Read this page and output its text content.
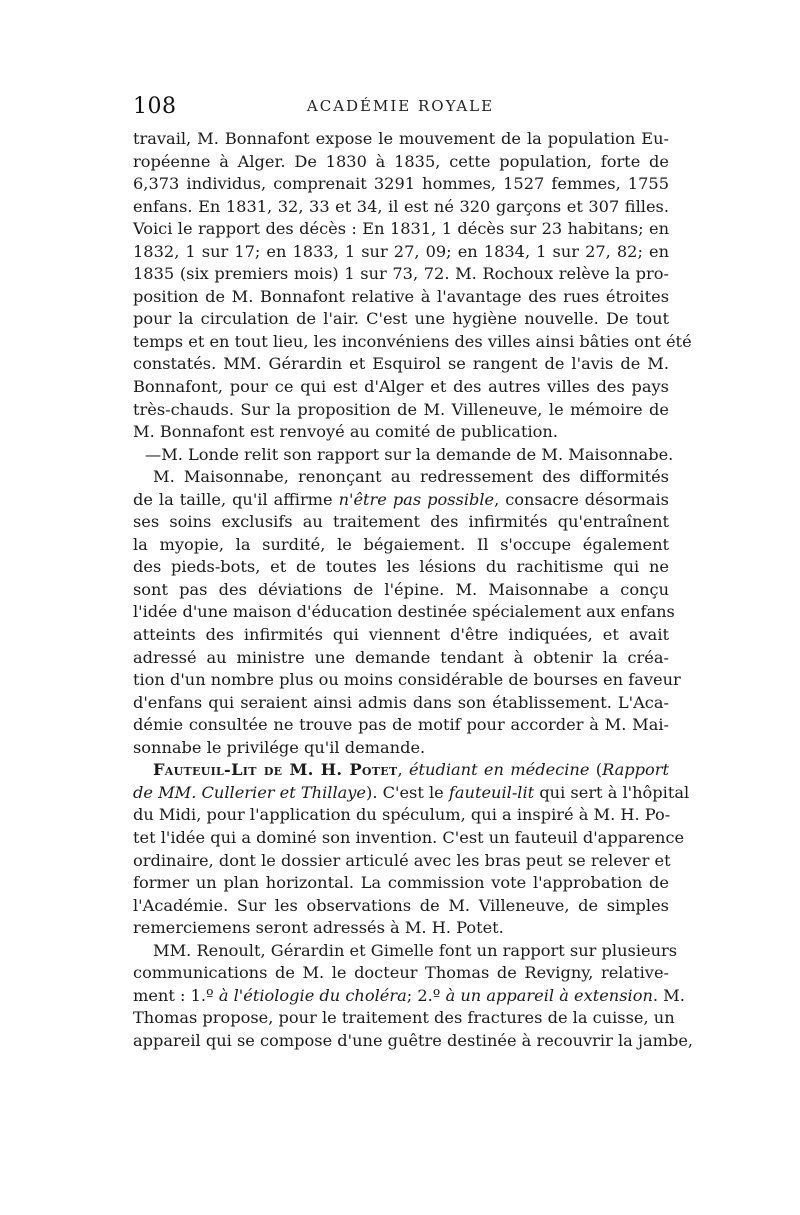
108	ACADÉMIE ROYALE
travail, M. Bonnafont expose le mouvement de la population Eu-
ropéenne à Alger. De 1830 à 1835, cette population, forte de
6,373 individus, comprenait 3291 hommes, 1527 femmes, 1755
enfans. En 1831, 32, 33 et 34, il est né 320 garçons et 307 filles.
Voici le rapport des décès : En 1831, 1 décès sur 23 habitans; en
1832, 1 sur 17; en 1833, 1 sur 27, 09; en 1834, 1 sur 27, 82; en
1835 (six premiers mois) 1 sur 73, 72. M. Rochoux relève la pro-
position de M. Bonnafont relative à l'avantage des rues étroites
pour la circulation de l'air. C'est une hygiène nouvelle. De tout
temps et en tout lieu, les inconvéniens des villes ainsi bâties ont été
constatés. MM. Gérardin et Esquirol se rangent de l'avis de M.
Bonnafont, pour ce qui est d'Alger et des autres villes des pays
très-chauds. Sur la proposition de M. Villeneuve, le mémoire de
M. Bonnafont est renvoyé au comité de publication.
—M. Londe relit son rapport sur la demande de M. Maisonnabe.
M. Maisonnabe, renonçant au redressement des difformités
de la taille, qu'il affirme n'être pas possible, consacre désormais
ses soins exclusifs au traitement des infirmités qu'entraînent
la myopie, la surdité, le bégaiement. Il s'occupe également
des pieds-bots, et de toutes les lésions du rachitisme qui ne
sont pas des déviations de l'épine. M. Maisonnabe a conçu
l'idée d'une maison d'éducation destinée spécialement aux enfans
atteints des infirmités qui viennent d'être indiquées, et avait
adressé au ministre une demande tendant à obtenir la créa-
tion d'un nombre plus ou moins considérable de bourses en faveur
d'enfans qui seraient ainsi admis dans son établissement. L'Aca-
démie consultée ne trouve pas de motif pour accorder à M. Mai-
sonnabe le privilége qu'il demande.
Fauteuil-Lit de M. H. Potet, étudiant en médecine (Rapport
de MM. Cullerier et Thillaye). C'est le fauteuil-lit qui sert à l'hôpital
du Midi, pour l'application du spéculum, qui a inspiré à M. H. Po-
tet l'idée qui a dominé son invention. C'est un fauteuil d'apparence
ordinaire, dont le dossier articulé avec les bras peut se relever et
former un plan horizontal. La commission vote l'approbation de
l'Académie. Sur les observations de M. Villeneuve, de simples
remerciemens seront adressés à M. H. Potet.
MM. Renoult, Gérardin et Gimelle font un rapport sur plusieurs
communications de M. le docteur Thomas de Revigny, relative-
ment : 1.º à l'étiologie du choléra; 2.º à un appareil à extension. M.
Thomas propose, pour le traitement des fractures de la cuisse, un
appareil qui se compose d'une guêtre destinée à recouvrir la jambe,
